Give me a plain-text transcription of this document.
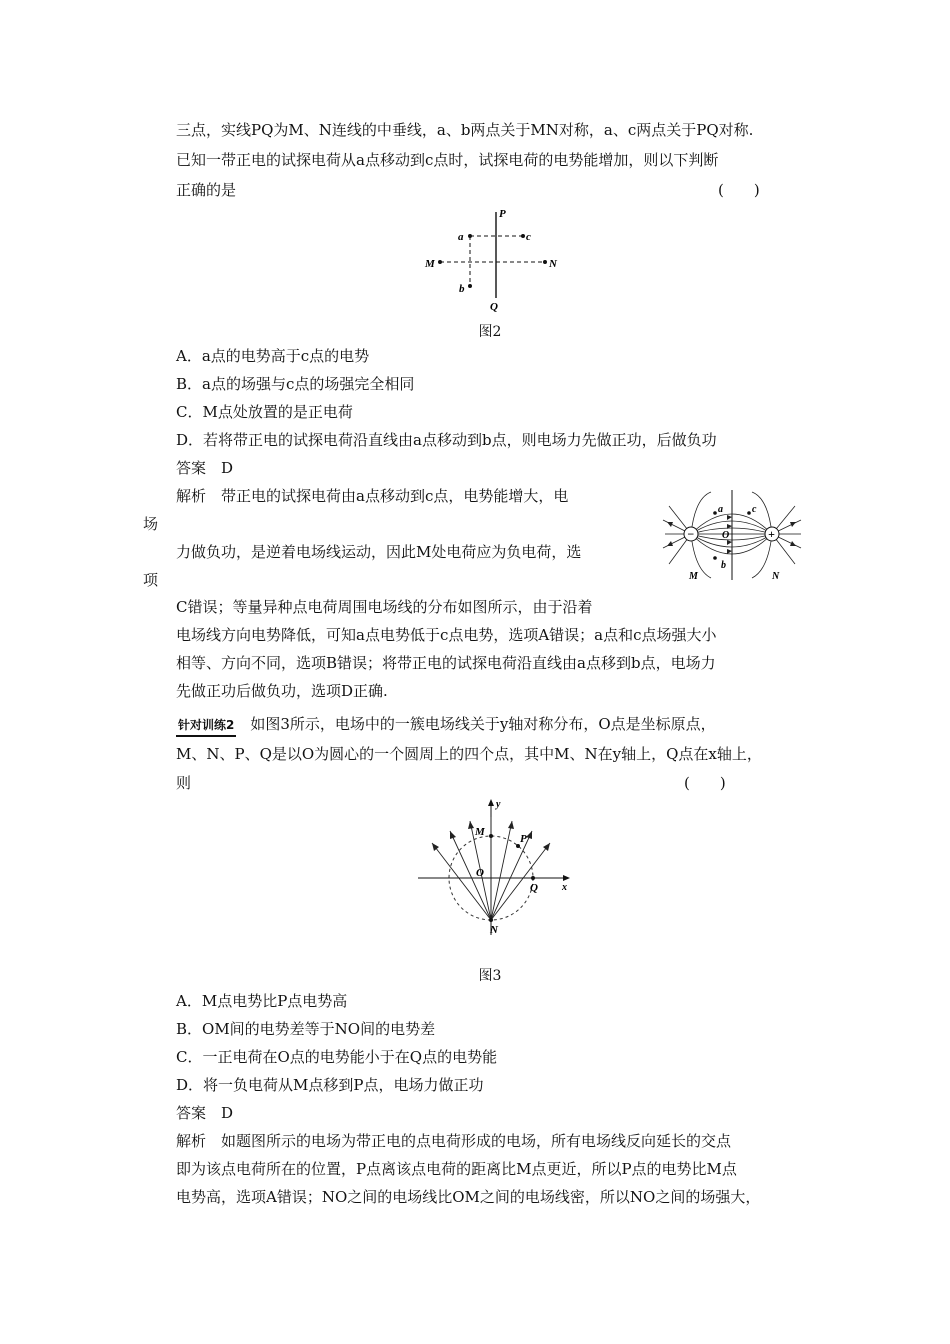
三点，实线PQ为M、N连线的中垂线，a、b两点关于MN对称，a、c两点关于PQ对称.
已知一带正电的试探电荷从a点移动到c点时，试探电荷的电势能增加，则以下判断
正确的是	(　　)
P
Q
a	c
b
M	N
图2
A．a点的电势高于c点的电势
B．a点的场强与c点的场强完全相同
C．M点处放置的是正电荷
D．若将带正电的试探电荷沿直线由a点移动到b点，则电场力先做正功，后做负功
答案　D
解析　带正电的试探电荷由a点移动到c点，电势能增大，电
场
力做负功，是逆着电场线运动，因此M处电荷应为负电荷，选
项
C错误；等量异种点电荷周围电场线的分布如图所示，由于沿着
电场线方向电势降低，可知a点电势低于c点电势，选项A错误；a点和c点场强大小
相等、方向不同，选项B错误；将带正电的试探电荷沿直线由a点移到b点，电场力
先做正功后做负功，选项D正确.
−	+
a	c
b
O
M	N
针对训练2 如图3所示，电场中的一簇电场线关于y轴对称分布，O点是坐标原点，
M、N、P、Q是以O为圆心的一个圆周上的四个点，其中M、N在y轴上，Q点在x轴上，
则	(　　)
y
x
M
P
O
Q
N
图3
A．M点电势比P点电势高
B．OM间的电势差等于NO间的电势差
C．一正电荷在O点的电势能小于在Q点的电势能
D．将一负电荷从M点移到P点，电场力做正功
答案　D
解析　如题图所示的电场为带正电的点电荷形成的电场，所有电场线反向延长的交点
即为该点电荷所在的位置，P点离该点电荷的距离比M点更近，所以P点的电势比M点
电势高，选项A错误；NO之间的电场线比OM之间的电场线密，所以NO之间的场强大，
